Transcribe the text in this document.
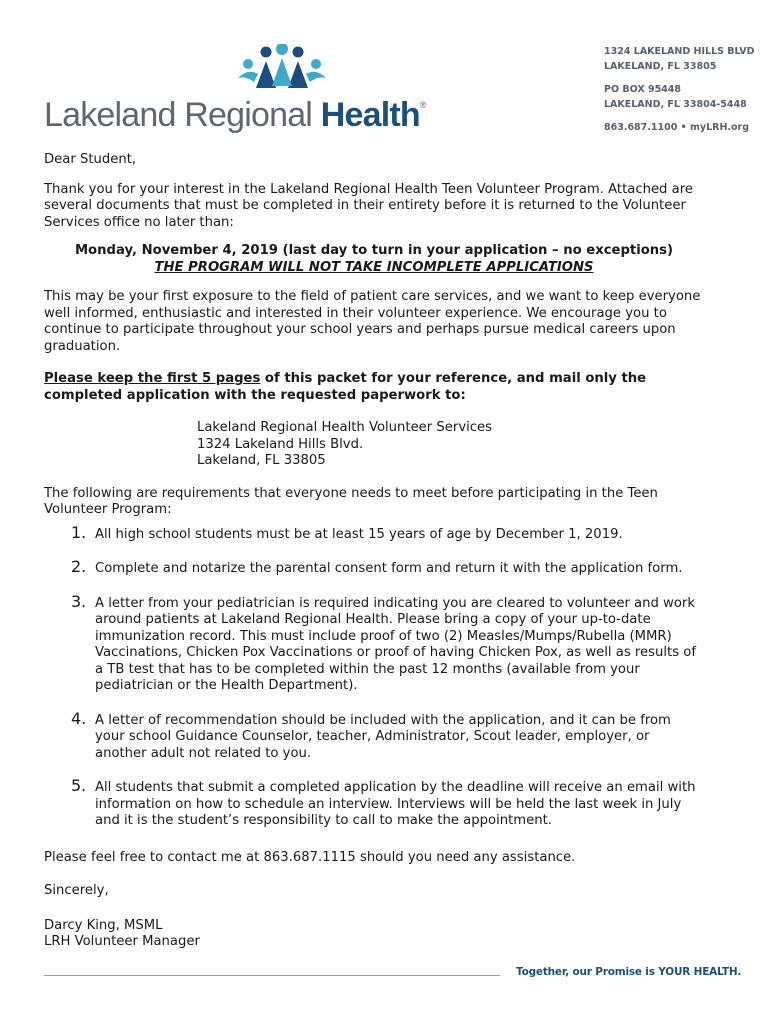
Lakeland Regional Health®
1324 LAKELAND HILLS BLVD
LAKELAND, FL 33805
PO BOX 95448
LAKELAND, FL 33804-5448
863.687.1100 • myLRH.org

Dear Student,

Thank you for your interest in the Lakeland Regional Health Teen Volunteer Program. Attached are several documents that must be completed in their entirety before it is returned to the Volunteer Services office no later than:

Monday, November 4, 2019 (last day to turn in your application – no exceptions)

THE PROGRAM WILL NOT TAKE INCOMPLETE APPLICATIONS

This may be your first exposure to the field of patient care services, and we want to keep everyone well informed, enthusiastic and interested in their volunteer experience. We encourage you to continue to participate throughout your school years and perhaps pursue medical careers upon graduation.

Please keep the first 5 pages of this packet for your reference, and mail only the completed application with the requested paperwork to:

Lakeland Regional Health Volunteer Services

1324 Lakeland Hills Blvd.

Lakeland, FL 33805

The following are requirements that everyone needs to meet before participating in the Teen Volunteer Program:

1. All high school students must be at least 15 years of age by December 1, 2019.
2. Complete and notarize the parental consent form and return it with the application form.
3. A letter from your pediatrician is required indicating you are cleared to volunteer and work around patients at Lakeland Regional Health. Please bring a copy of your up-to-date immunization record. This must include proof of two (2) Measles/Mumps/Rubella (MMR) Vaccinations, Chicken Pox Vaccinations or proof of having Chicken Pox, as well as results of a TB test that has to be completed within the past 12 months (available from your pediatrician or the Health Department).
4. A letter of recommendation should be included with the application, and it can be from your school Guidance Counselor, teacher, Administrator, Scout leader, employer, or another adult not related to you.
5. All students that submit a completed application by the deadline will receive an email with information on how to schedule an interview. Interviews will be held the last week in July and it is the student’s responsibility to call to make the appointment.

Please feel free to contact me at 863.687.1115 should you need any assistance.

Sincerely,

Darcy King, MSML

LRH Volunteer Manager

Together, our Promise is YOUR HEALTH.
